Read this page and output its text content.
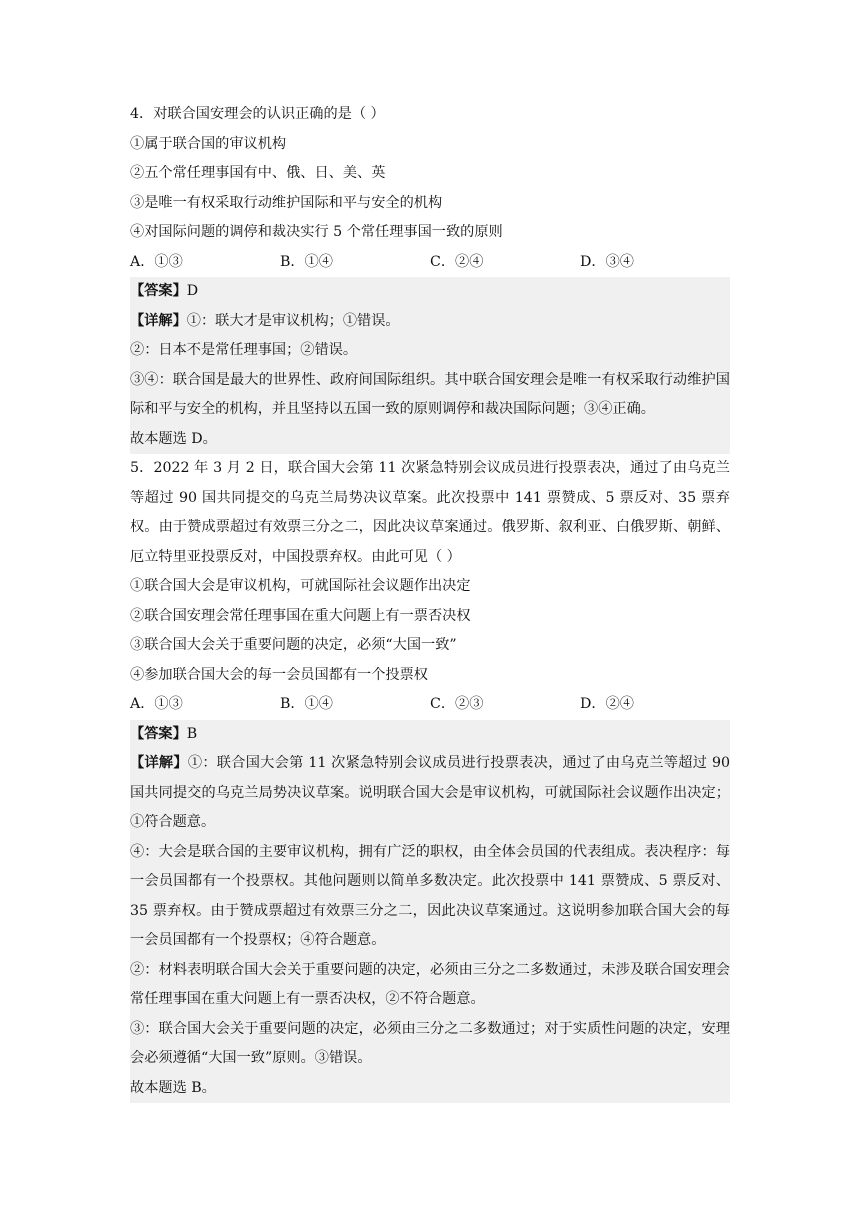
4．对联合国安理会的认识正确的是（ ）
①属于联合国的审议机构
②五个常任理事国有中、俄、日、美、英
③是唯一有权采取行动维护国际和平与安全的机构
④对国际问题的调停和裁决实行 5 个常任理事国一致的原则
A．①③	B．①④	C．②④	D．③④
【答案】D
【详解】①：联大才是审议机构；①错误。
②：日本不是常任理事国；②错误。
③④：联合国是最大的世界性、政府间国际组织。其中联合国安理会是唯一有权采取行动维护国际和平与安全的机构，并且坚持以五国一致的原则调停和裁决国际问题；③④正确。
故本题选 D。
5．2022 年 3 月 2 日，联合国大会第 11 次紧急特别会议成员进行投票表决，通过了由乌克兰等超过 90 国共同提交的乌克兰局势决议草案。此次投票中 141 票赞成、5 票反对、35 票弃权。由于赞成票超过有效票三分之二，因此决议草案通过。俄罗斯、叙利亚、白俄罗斯、朝鲜、厄立特里亚投票反对，中国投票弃权。由此可见（ ）
①联合国大会是审议机构，可就国际社会议题作出决定
②联合国安理会常任理事国在重大问题上有一票否决权
③联合国大会关于重要问题的决定，必须“大国一致”
④参加联合国大会的每一会员国都有一个投票权
A．①③	B．①④	C．②③	D．②④
【答案】B
【详解】①：联合国大会第 11 次紧急特别会议成员进行投票表决，通过了由乌克兰等超过 90 国共同提交的乌克兰局势决议草案。说明联合国大会是审议机构，可就国际社会议题作出决定；①符合题意。
④：大会是联合国的主要审议机构，拥有广泛的职权，由全体会员国的代表组成。表决程序：每一会员国都有一个投票权。其他问题则以简单多数决定。此次投票中 141 票赞成、5 票反对、35 票弃权。由于赞成票超过有效票三分之二，因此决议草案通过。这说明参加联合国大会的每一会员国都有一个投票权；④符合题意。
②：材料表明联合国大会关于重要问题的决定，必须由三分之二多数通过，未涉及联合国安理会常任理事国在重大问题上有一票否决权，②不符合题意。
③：联合国大会关于重要问题的决定，必须由三分之二多数通过；对于实质性问题的决定，安理会必须遵循“大国一致”原则。③错误。
故本题选 B。
